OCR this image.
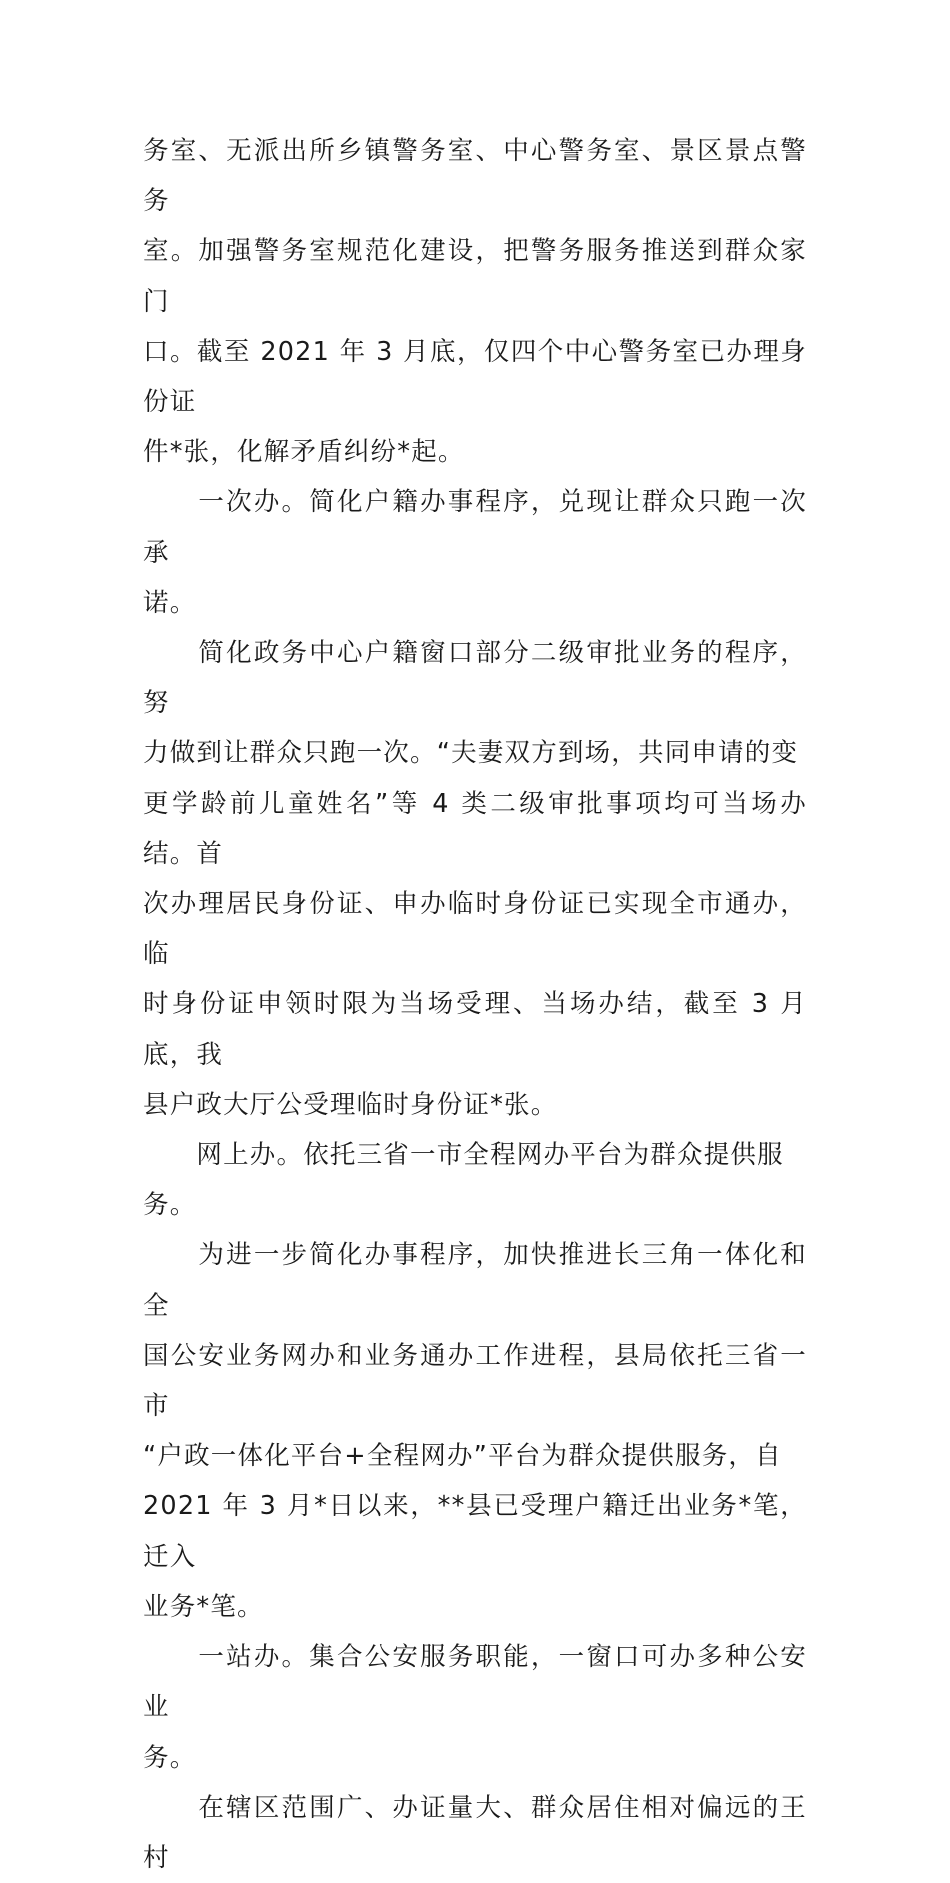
务室、无派出所乡镇警务室、中心警务室、景区景点警务
室。加强警务室规范化建设，把警务服务推送到群众家门
口。截至 2021 年 3 月底，仅四个中心警务室已办理身份证
件*张，化解矛盾纠纷*起。

　　一次办。简化户籍办事程序，兑现让群众只跑一次承
诺。

　　简化政务中心户籍窗口部分二级审批业务的程序，努
力做到让群众只跑一次。“夫妻双方到场，共同申请的变
更学龄前儿童姓名”等 4 类二级审批事项均可当场办结。首
次办理居民身份证、申办临时身份证已实现全市通办，临
时身份证申领时限为当场受理、当场办结，截至 3 月底，我
县户政大厅公受理临时身份证*张。

　　网上办。依托三省一市全程网办平台为群众提供服
务。

　　为进一步简化办事程序，加快推进长三角一体化和全
国公安业务网办和业务通办工作进程，县局依托三省一市
“户政一体化平台+全程网办”平台为群众提供服务，自
2021 年 3 月*日以来，**县已受理户籍迁出业务*笔，迁入
业务*笔。

　　一站办。集合公安服务职能，一窗口可办多种公安业
务。

　　在辖区范围广、办证量大、群众居住相对偏远的王村
